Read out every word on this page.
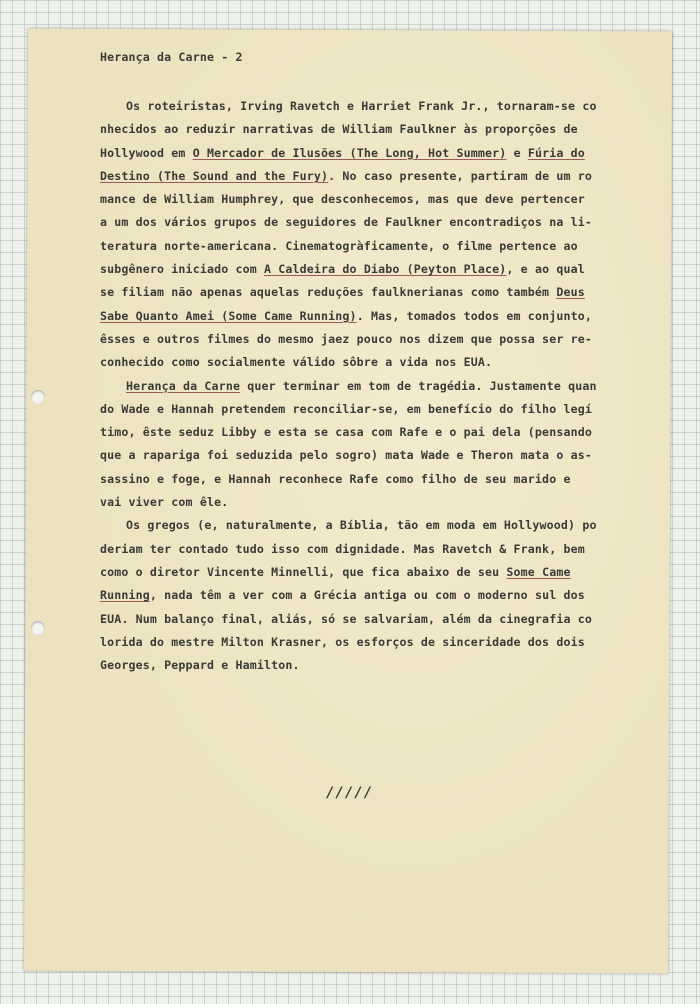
Herança da Carne - 2
Os roteiristas, Irving Ravetch e Harriet Frank Jr., tornaram-se co
nhecidos ao reduzir narrativas de William Faulkner às proporções de
Hollywood em O Mercador de Ilusões (The Long, Hot Summer) e Fúria do
Destino (The Sound and the Fury). No caso presente, partiram de um ro
mance de William Humphrey, que desconhecemos, mas que deve pertencer
a um dos vários grupos de seguidores de Faulkner encontradiços na li-
teratura norte-americana. Cinematogràficamente, o filme pertence ao
subgênero iniciado com A Caldeira do Diabo (Peyton Place), e ao qual
se filiam não apenas aquelas reduções faulknerianas como também Deus
Sabe Quanto Amei (Some Came Running). Mas, tomados todos em conjunto,
êsses e outros filmes do mesmo jaez pouco nos dizem que possa ser re-
conhecido como socialmente válido sôbre a vida nos EUA.
Herança da Carne quer terminar em tom de tragédia. Justamente quan
do Wade e Hannah pretendem reconciliar-se, em benefício do filho legí
timo, êste seduz Libby e esta se casa com Rafe e o pai dela (pensando
que a rapariga foi seduzida pelo sogro) mata Wade e Theron mata o as-
sassino e foge, e Hannah reconhece Rafe como filho de seu marido e
vai viver com êle.
Os gregos (e, naturalmente, a Bíblia, tão em moda em Hollywood) po
deriam ter contado tudo isso com dignidade. Mas Ravetch & Frank, bem
como o diretor Vincente Minnelli, que fica abaixo de seu Some Came
Running, nada têm a ver com a Grécia antiga ou com o moderno sul dos
EUA. Num balanço final, aliás, só se salvariam, além da cinegrafia co
lorida do mestre Milton Krasner, os esforços de sinceridade dos dois
Georges, Peppard e Hamilton.
/////
